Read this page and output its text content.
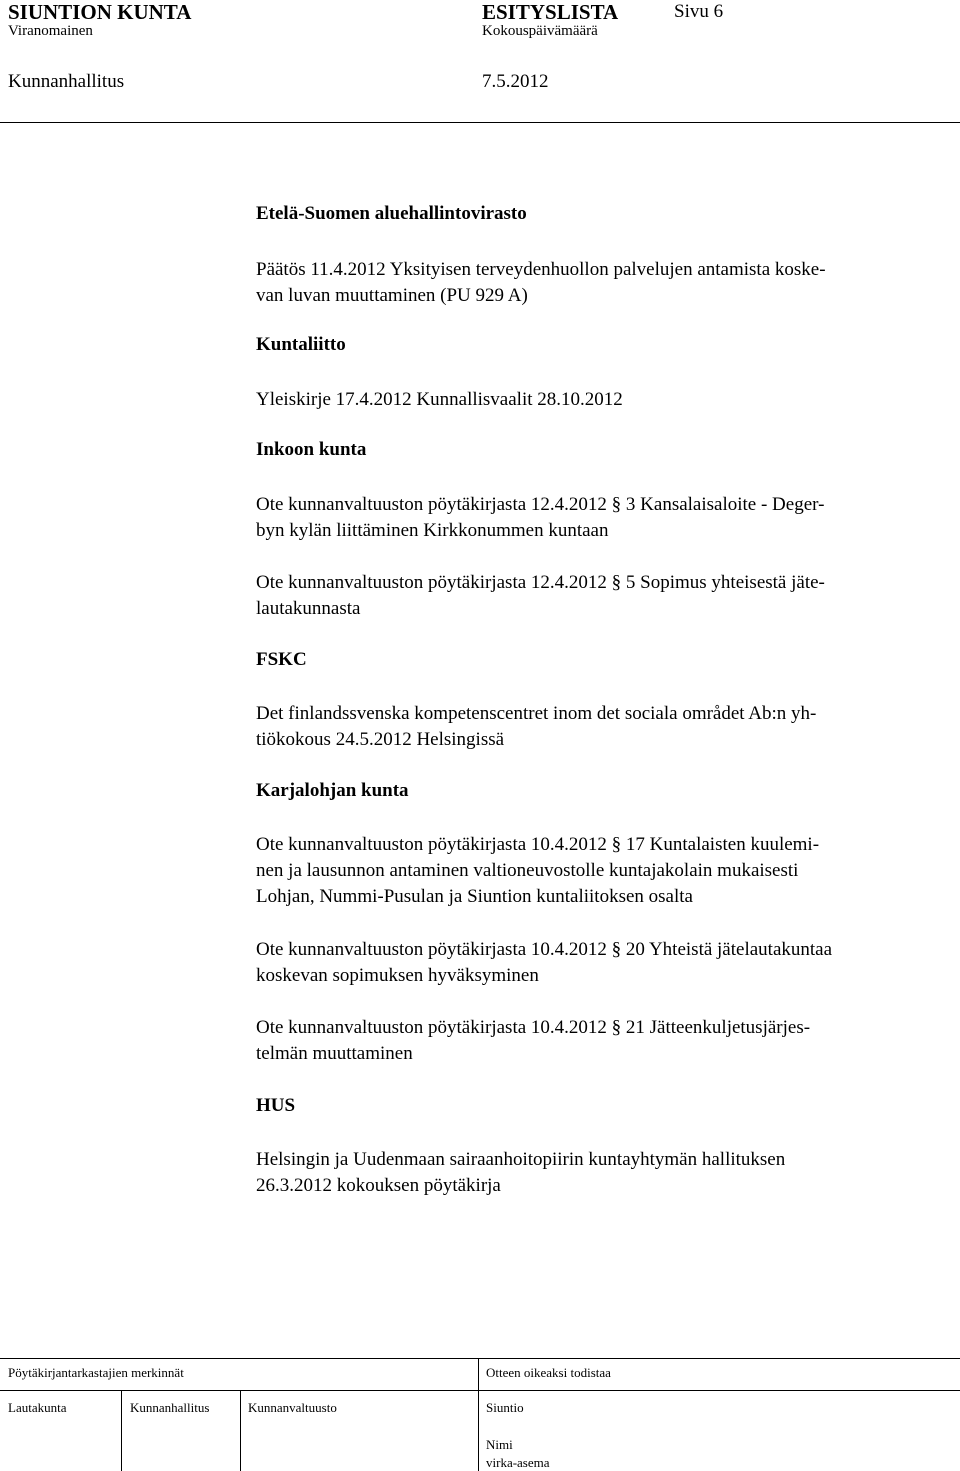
SIUNTION KUNTA	ESITYSLISTA	Sivu 6
Viranomainen	Kokouspäivämäärä
Kunnanhallitus	7.5.2012
Etelä-Suomen aluehallintovirasto
Päätös 11.4.2012 Yksityisen terveydenhuollon palvelujen antamista koske-
van luvan muuttaminen (PU 929 A)
Kuntaliitto
Yleiskirje 17.4.2012 Kunnallisvaalit 28.10.2012
Inkoon kunta
Ote kunnanvaltuuston pöytäkirjasta 12.4.2012 § 3 Kansalaisaloite - Deger-
byn kylän liittäminen Kirkkonummen kuntaan
Ote kunnanvaltuuston pöytäkirjasta 12.4.2012 § 5 Sopimus yhteisestä jäte-
lautakunnasta
FSKC
Det finlandssvenska kompetenscentret inom det sociala området Ab:n yh-
tiökokous 24.5.2012 Helsingissä
Karjalohjan kunta
Ote kunnanvaltuuston pöytäkirjasta 10.4.2012 § 17 Kuntalaisten kuulemi-
nen ja lausunnon antaminen valtioneuvostolle kuntajakolain mukaisesti
Lohjan, Nummi-Pusulan ja Siuntion kuntaliitoksen osalta
Ote kunnanvaltuuston pöytäkirjasta 10.4.2012 § 20 Yhteistä jätelautakuntaa
koskevan sopimuksen hyväksyminen
Ote kunnanvaltuuston pöytäkirjasta 10.4.2012 § 21 Jätteenkuljetusjärjes-
telmän muuttaminen
HUS
Helsingin ja Uudenmaan sairaanhoitopiirin kuntayhtymän hallituksen
26.3.2012 kokouksen pöytäkirja
Pöytäkirjantarkastajien merkinnät	Otteen oikeaksi todistaa
Lautakunta	Kunnanhallitus	Kunnanvaltuusto	Siuntio
Nimi
virka-asema
